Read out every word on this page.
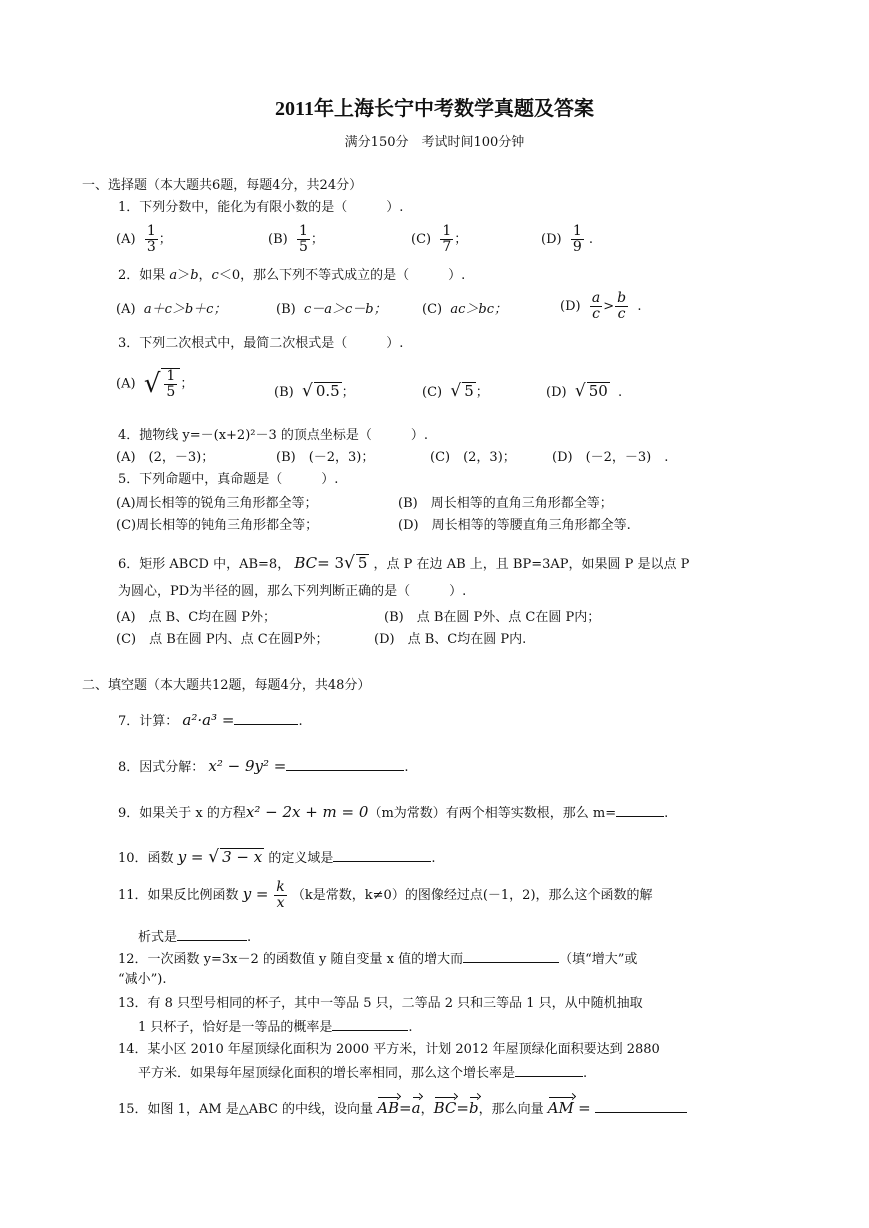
2011年上海长宁中考数学真题及答案
满分150分　考试时间100分钟
一、选择题（本大题共6题，每题4分，共24分）
1．下列分数中，能化为有限小数的是（　　　）.
$(A) \frac{1}{3}$ ；	$(B) \frac{1}{5}$ ；	$(C) \frac{1}{7}$ ；	$(D) \frac{1}{9}$ .
2．如果 a＞b，c＜0，那么下列不等式成立的是（　　　）.
(A) a＋c＞b＋c；	(B) c－a＞c－b；	(C) ac＞bc；	$(D) \frac{a}{c} > \frac{b}{c}$ .
3．下列二次根式中，最简二次根式是（　　　）.
(A) √ $\frac{1}{5}$ ；
(B) √ 0.5 ；	(C) √ 5 ；	(D) √ 50 .
4．抛物线 y=－(x+2)²－3 的顶点坐标是（　　　）.
(A)　(2，－3)；	(B)　(－2，3)；	(C)　(2，3)；	(D)　(－2，－3)　.
5．下列命题中，真命题是（　　　）.
(A)周长相等的锐角三角形都全等；	(B)　周长相等的直角三角形都全等；
(C)周长相等的钝角三角形都全等；	(D)　周长相等的等腰直角三角形都全等.
6．矩形 ABCD 中，AB=8， BC= 3√ 5 ，点 P 在边 AB 上，且 BP=3AP，如果圆 P 是以点 P
为圆心，PD为半径的圆，那么下列判断正确的是（　　　）.
(A)　点 B、C均在圆 P外；	(B)　点 B在圆 P外、点 C在圆 P内；
(C)　点 B在圆 P内、点 C在圆P外；	(D)　点 B、C均在圆 P内.
二、填空题（本大题共12题，每题4分，共48分）
7．计算： a²·a³ =	.
8．因式分解： x² − 9y² =	.
9．如果关于 x 的方程x² − 2x + m = 0（m为常数）有两个相等实数根，那么 m=	.
10．函数 y = √ 3 − x 的定义域是	.
11．如果反比例函数 $y = \frac{k}{x} (k$是常数，k≠0）的图像经过点(－1，2)，那么这个函数的解
析式是	.
12．一次函数 y=3x－2 的函数值 y 随自变量 x 值的增大而	（填“增大”或
“减小”).
13．有 8 只型号相同的杯子，其中一等品 5 只，二等品 2 只和三等品 1 只，从中随机抽取
1 只杯子，恰好是一等品的概率是	.
14．某小区 2010 年屋顶绿化面积为 2000 平方米，计划 2012 年屋顶绿化面积要达到 2880
平方米．如果每年屋顶绿化面积的增长率相同，那么这个增长率是	.
15．如图 1，AM 是△ABC 的中线，设向量 AB=a，BC=b，那么向量 AM =
